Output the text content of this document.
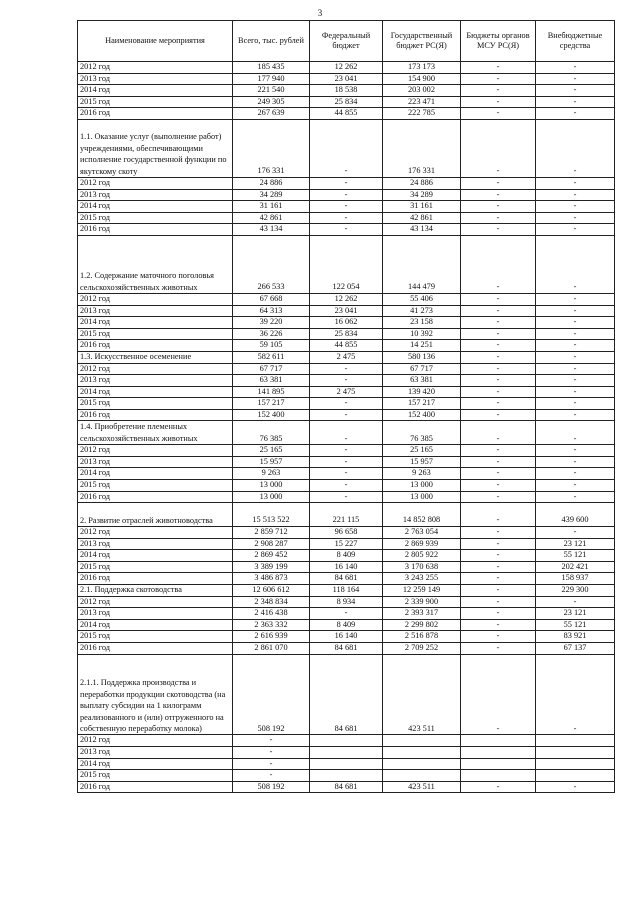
3
Наименование мероприятия	Всего, тыс. рублей	Федеральный бюджет	Государственный бюджет РС(Я)	Бюджеты органов МСУ РС(Я)	Внебюджетные средства
2012 год	185 435	12 262	173 173	-	-
2013 год	177 940	23 041	154 900	-	-
2014 год	221 540	18 538	203 002	-	-
2015 год	249 305	25 834	223 471	-	-
2016 год	267 639	44 855	222 785	-	-
1.1. Оказание услуг (выполнение работ) учреждениями, обеспечивающими исполнение государственной функции по якутскому скоту	176 331	-	176 331	-	-
2012 год	24 886	-	24 886	-	-
2013 год	34 289	-	34 289	-	-
2014 год	31 161	-	31 161	-	-
2015 год	42 861	-	42 861	-	-
2016 год	43 134	-	43 134	-	-
1.2. Содержание маточного поголовья сельскохозяйственных животных	266 533	122 054	144 479	-	-
2012 год	67 668	12 262	55 406	-	-
2013 год	64 313	23 041	41 273	-	-
2014 год	39 220	16 062	23 158	-	-
2015 год	36 226	25 834	10 392	-	-
2016 год	59 105	44 855	14 251	-	-
1.3. Искусственное осеменение	582 611	2 475	580 136	-	-
2012 год	67 717	-	67 717	-	-
2013 год	63 381	-	63 381	-	-
2014 год	141 895	2 475	139 420	-	-
2015 год	157 217	-	157 217	-	-
2016 год	152 400	-	152 400	-	-
1.4. Приобретение племенных сельскохозяйственных животных	76 385	-	76 385	-	-
2012 год	25 165	-	25 165	-	-
2013 год	15 957	-	15 957	-	-
2014 год	9 263	-	9 263	-	-
2015 год	13 000	-	13 000	-	-
2016 год	13 000	-	13 000	-	-
2. Развитие отраслей животноводства	15 513 522	221 115	14 852 808	-	439 600
2012 год	2 859 712	96 658	2 763 054	-	-
2013 год	2 908 287	15 227	2 869 939	-	23 121
2014 год	2 869 452	8 409	2 805 922	-	55 121
2015 год	3 389 199	16 140	3 170 638	-	202 421
2016 год	3 486 873	84 681	3 243 255	-	158 937
2.1. Поддержка скотоводства	12 606 612	118 164	12 259 149	-	229 300
2012 год	2 348 834	8 934	2 339 900	-	-
2013 год	2 416 438	-	2 393 317	-	23 121
2014 год	2 363 332	8 409	2 299 802	-	55 121
2015 год	2 616 939	16 140	2 516 878	-	83 921
2016 год	2 861 070	84 681	2 709 252	-	67 137
2.1.1. Поддержка производства и переработки продукции скотоводства (на выплату субсидии на 1 килограмм реализованного и (или) отгруженного на собственную переработку молока)	508 192	84 681	423 511	-	-
2012 год	-				
2013 год	-				
2014 год	-				
2015 год	-				
2016 год	508 192	84 681	423 511	-	-
